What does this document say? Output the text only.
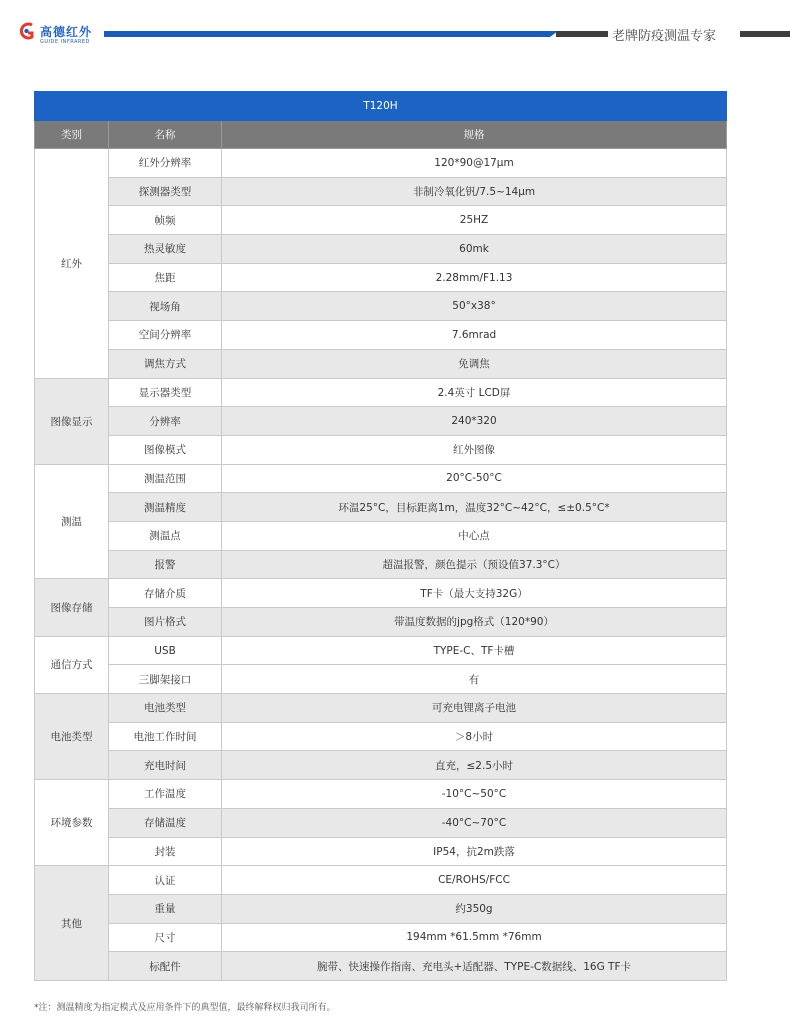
高德红外
GUIDE INFRARED	老牌防疫测温专家
T120H		
类别	名称	规格
红外	红外分辨率	120*90@17μm
	探测器类型	非制冷氧化钒/7.5~14μm
	帧频	25HZ
	热灵敏度	60mk
	焦距	2.28mm/F1.13
	视场角	50°x38°
	空间分辨率	7.6mrad
	调焦方式	免调焦
图像显示	显示器类型	2.4英寸 LCD屏
	分辨率	240*320
	图像模式	红外图像
测温	测温范围	20°C-50°C
	测温精度	环温25°C，目标距离1m，温度32°C~42°C，≤±0.5°C*
	测温点	中心点
	报警	超温报警，颜色提示（预设值37.3°C）
图像存储	存储介质	TF卡（最大支持32G）
	图片格式	带温度数据的jpg格式（120*90）
通信方式	USB	TYPE-C、TF卡槽
	三脚架接口	有
电池类型	电池类型	可充电锂离子电池
	电池工作时间	＞8小时
	充电时间	直充，≤2.5小时
环境参数	工作温度	-10°C~50°C
	存储温度	-40°C~70°C
	封装	IP54，抗2m跌落
其他	认证	CE/ROHS/FCC
	重量	约350g
	尺寸	194mm *61.5mm *76mm
	标配件	腕带、快速操作指南、充电头+适配器、TYPE-C数据线、16G TF卡
*注：测温精度为指定模式及应用条件下的典型值，最终解释权归我司所有。
